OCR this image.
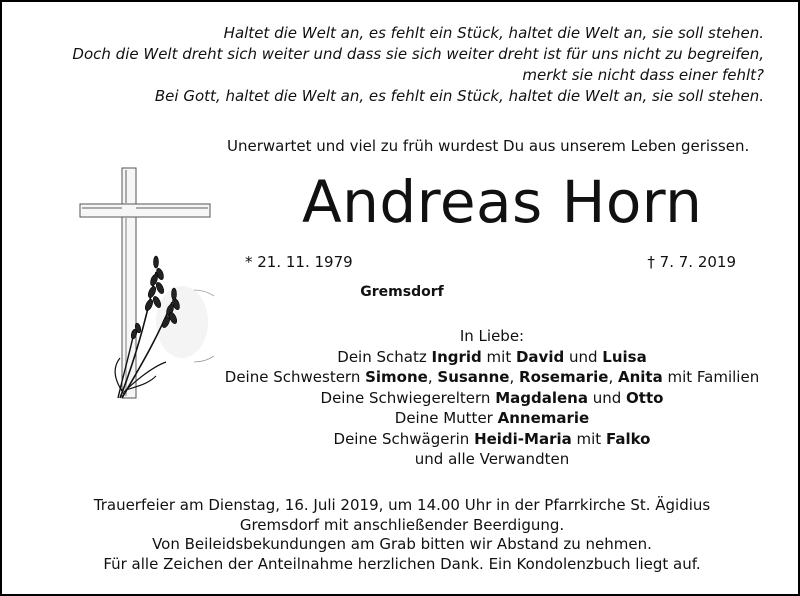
Haltet die Welt an, es fehlt ein Stück, haltet die Welt an, sie soll stehen.
Doch die Welt dreht sich weiter und dass sie sich weiter dreht ist für uns nicht zu begreifen,
merkt sie nicht dass einer fehlt?
Bei Gott, haltet die Welt an, es fehlt ein Stück, haltet die Welt an, sie soll stehen.
Unerwartet und viel zu früh wurdest Du aus unserem Leben gerissen.
Andreas Horn
* 21. 11. 1979	† 7. 7. 2019
Gremsdorf
In Liebe:
Dein Schatz Ingrid mit David und Luisa
Deine Schwestern Simone, Susanne, Rosemarie, Anita mit Familien
Deine Schwiegereltern Magdalena und Otto
Deine Mutter Annemarie
Deine Schwägerin Heidi-Maria mit Falko
und alle Verwandten
Trauerfeier am Dienstag, 16. Juli 2019, um 14.00 Uhr in der Pfarrkirche St. Ägidius
Gremsdorf mit anschließender Beerdigung.
Von Beileidsbekundungen am Grab bitten wir Abstand zu nehmen.
Für alle Zeichen der Anteilnahme herzlichen Dank. Ein Kondolenzbuch liegt auf.
